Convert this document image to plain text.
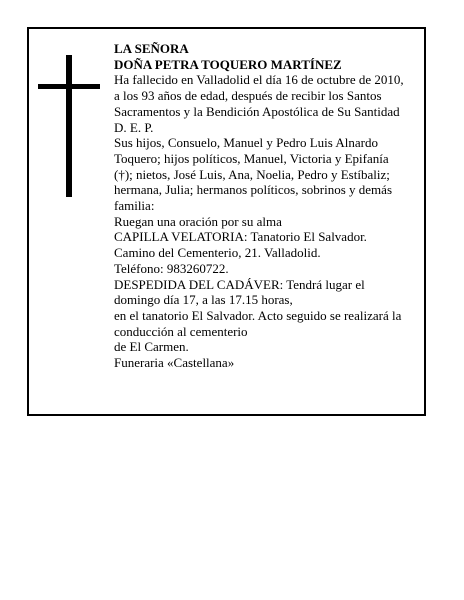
LA SEÑORA

DOÑA PETRA TOQUERO MARTÍNEZ

Ha fallecido en Valladolid el día 16 de octubre de 2010,

a los 93 años de edad, después de recibir los Santos

Sacramentos y la Bendición Apostólica de Su Santidad

D. E. P.

Sus hijos, Consuelo, Manuel y Pedro Luis Alnardo

Toquero; hijos políticos, Manuel, Victoria y Epifanía

(†); nietos, José Luis, Ana, Noelia, Pedro y Estíbaliz;

hermana, Julia; hermanos políticos, sobrinos y demás

familia:

Ruegan una oración por su alma

CAPILLA VELATORIA: Tanatorio El Salvador.

Camino del Cementerio, 21. Valladolid.

Teléfono: 983260722.

DESPEDIDA DEL CADÁVER: Tendrá lugar el

domingo día 17, a las 17.15 horas,

en el tanatorio El Salvador. Acto seguido se realizará la

conducción al cementerio

de El Carmen.

Funeraria «Castellana»
